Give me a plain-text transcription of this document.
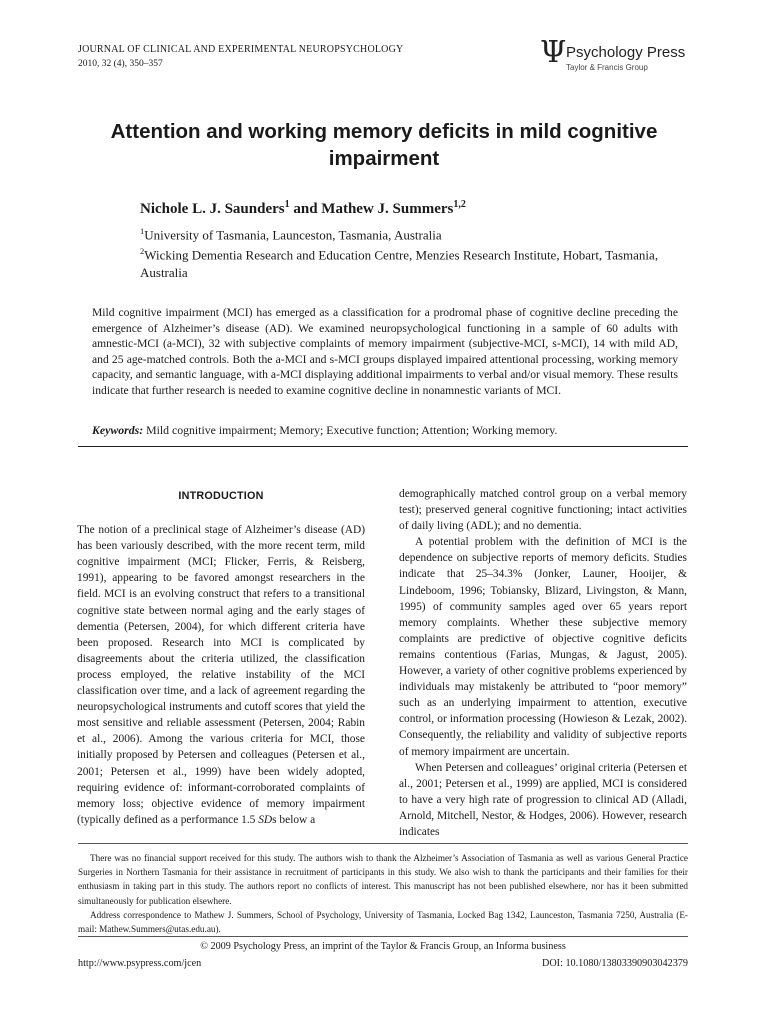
JOURNAL OF CLINICAL AND EXPERIMENTAL NEUROPSYCHOLOGY
2010, 32 (4), 350–357	Ψ Psychology Press
Taylor & Francis Group
Attention and working memory deficits in mild cognitive impairment
Nichole L. J. Saunders$^1$ and Mathew J. Summers$^{1,2}$
$^1$University of Tasmania, Launceston, Tasmania, Australia
$^2$Wicking Dementia Research and Education Centre, Menzies Research Institute, Hobart, Tasmania, Australia
Mild cognitive impairment (MCI) has emerged as a classification for a prodromal phase of cognitive decline preceding the emergence of Alzheimer’s disease (AD). We examined neuropsychological functioning in a sample of 60 adults with amnestic-MCI (a-MCI), 32 with subjective complaints of memory impairment (subjective-MCI, s-MCI), 14 with mild AD, and 25 age-matched controls. Both the a-MCI and s-MCI groups displayed impaired attentional processing, working memory capacity, and semantic language, with a-MCI displaying additional impairments to verbal and/or visual memory. These results indicate that further research is needed to examine cognitive decline in nonamnestic variants of MCI.
Keywords: Mild cognitive impairment; Memory; Executive function; Attention; Working memory.
INTRODUCTION

The notion of a preclinical stage of Alzheimer’s disease (AD) has been variously described, with the more recent term, mild cognitive impairment (MCI; Flicker, Ferris, & Reisberg, 1991), appearing to be favored amongst researchers in the field. MCI is an evolving construct that refers to a transitional cognitive state between normal aging and the early stages of dementia (Petersen, 2004), for which different criteria have been proposed. Research into MCI is complicated by disagreements about the criteria utilized, the classification process employed, the relative instability of the MCI classification over time, and a lack of agreement regarding the neuropsychological instruments and cutoff scores that yield the most sensitive and reliable assessment (Petersen, 2004; Rabin et al., 2006). Among the various criteria for MCI, those initially proposed by Petersen and colleagues (Petersen et al., 2001; Petersen et al., 1999) have been widely adopted, requiring evidence of: informant-corroborated complaints of memory loss; objective evidence of memory impairment (typically defined as a performance 1.5 SDs below a

demographically matched control group on a verbal memory test); preserved general cognitive functioning; intact activities of daily living (ADL); and no dementia.

A potential problem with the definition of MCI is the dependence on subjective reports of memory deficits. Studies indicate that 25–34.3% (Jonker, Launer, Hooijer, & Lindeboom, 1996; Tobiansky, Blizard, Livingston, & Mann, 1995) of community samples aged over 65 years report memory complaints. Whether these subjective memory complaints are predictive of objective cognitive deficits remains contentious (Farias, Mungas, & Jagust, 2005). However, a variety of other cognitive problems experienced by individuals may mistakenly be attributed to “poor memory” such as an underlying impairment to attention, executive control, or information processing (Howieson & Lezak, 2002). Consequently, the reliability and validity of subjective reports of memory impairment are uncertain.

When Petersen and colleagues’ original criteria (Petersen et al., 2001; Petersen et al., 1999) are applied, MCI is considered to have a very high rate of progression to clinical AD (Alladi, Arnold, Mitchell, Nestor, & Hodges, 2006). However, research indicates

There was no financial support received for this study. The authors wish to thank the Alzheimer’s Association of Tasmania as well as various General Practice Surgeries in Northern Tasmania for their assistance in recruitment of participants in this study. We also wish to thank the participants and their families for their enthusiasm in taking part in this study. The authors report no conflicts of interest. This manuscript has not been published elsewhere, nor has it been submitted simultaneously for publication elsewhere.

Address correspondence to Mathew J. Summers, School of Psychology, University of Tasmania, Locked Bag 1342, Launceston, Tasmania 7250, Australia (E-mail: Mathew.Summers@utas.edu.au).

© 2009 Psychology Press, an imprint of the Taylor & Francis Group, an Informa business
http://www.psypress.com/jcen	DOI: 10.1080/13803390903042379
